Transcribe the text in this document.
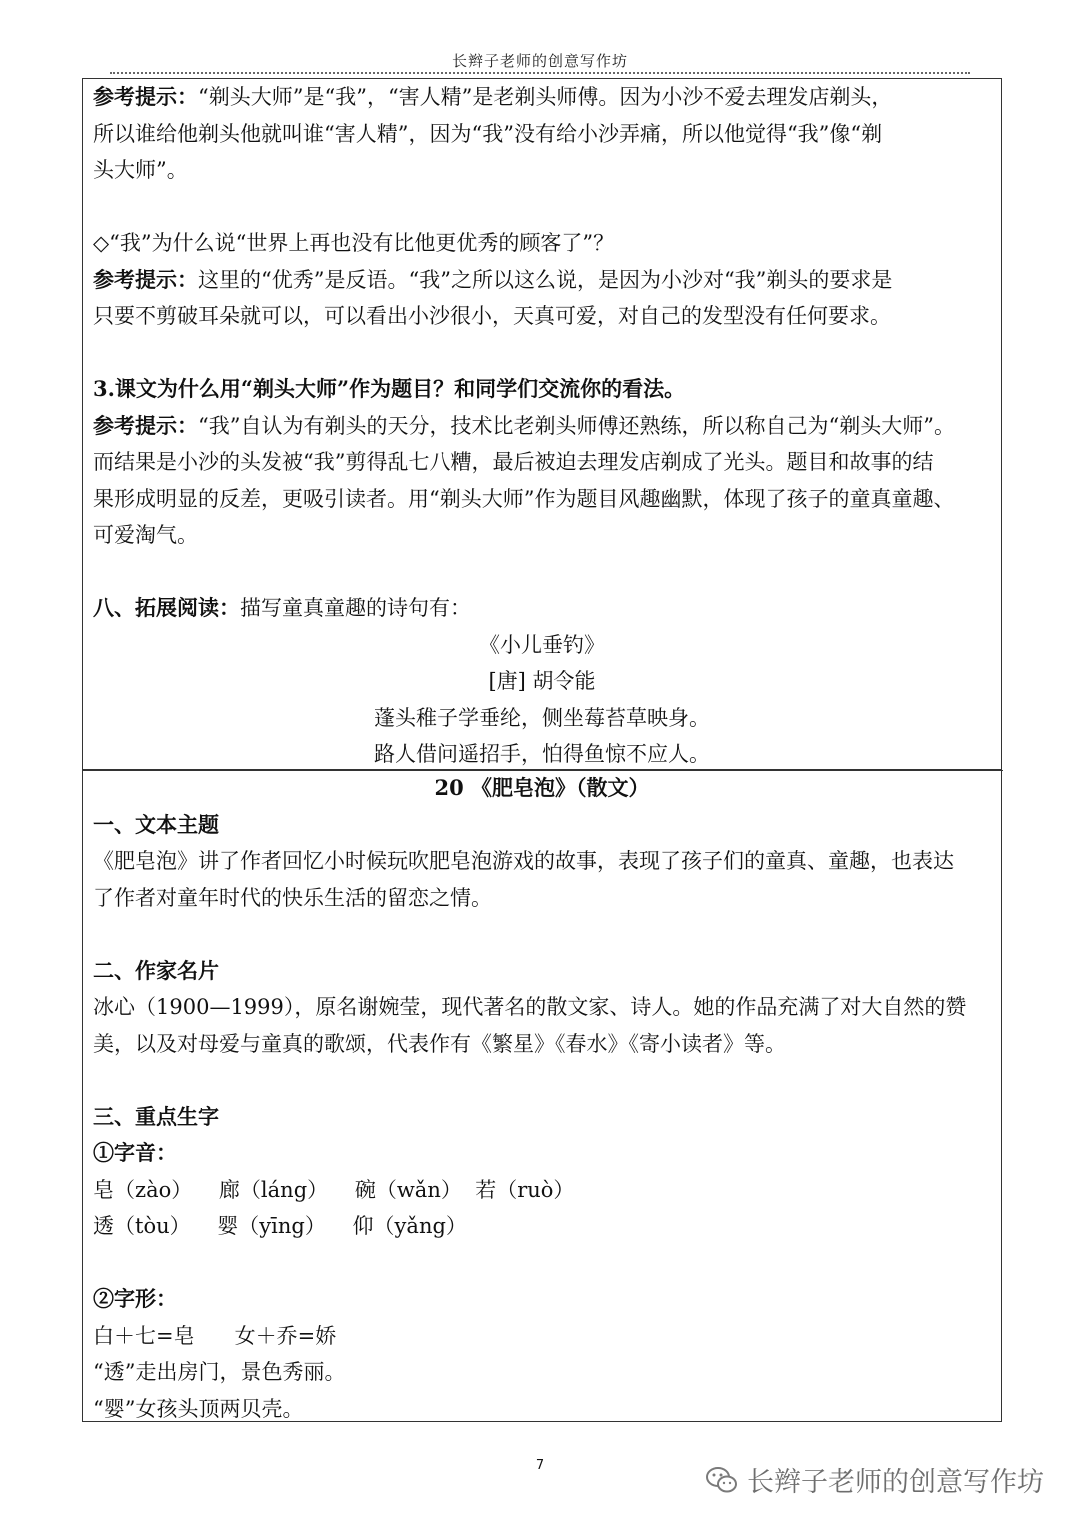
长辫子老师的创意写作坊

参考提示：“剃头大师”是“我”，“害人精”是老剃头师傅。因为小沙不爱去理发店剃头，
所以谁给他剃头他就叫谁“害人精”，因为“我”没有给小沙弄痛，所以他觉得“我”像“剃
头大师”。

◇“我”为什么说“世界上再也没有比他更优秀的顾客了”？

参考提示：这里的“优秀”是反语。“我”之所以这么说，是因为小沙对“我”剃头的要求是
只要不剪破耳朵就可以，可以看出小沙很小，天真可爱，对自己的发型没有任何要求。

3.课文为什么用“剃头大师”作为题目？和同学们交流你的看法。

参考提示：“我”自认为有剃头的天分，技术比老剃头师傅还熟练，所以称自己为“剃头大师”。
而结果是小沙的头发被“我”剪得乱七八糟，最后被迫去理发店剃成了光头。题目和故事的结
果形成明显的反差，更吸引读者。用“剃头大师”作为题目风趣幽默，体现了孩子的童真童趣、
可爱淘气。

八、拓展阅读：描写童真童趣的诗句有：

《小儿垂钓》

[唐] 胡令能

蓬头稚子学垂纶，侧坐莓苔草映身。

路人借问遥招手，怕得鱼惊不应人。

20 《肥皂泡》（散文）

一、文本主题

《肥皂泡》讲了作者回忆小时候玩吹肥皂泡游戏的故事，表现了孩子们的童真、童趣，也表达
了作者对童年时代的快乐生活的留恋之情。

二、作家名片

冰心（1900—1999），原名谢婉莹，现代著名的散文家、诗人。她的作品充满了对大自然的赞
美，以及对母爱与童真的歌颂，代表作有《繁星》《春水》《寄小读者》等。

三、重点生字

①字音：

皂（zào）    廊（láng）    碗（wǎn）  若（ruò）

透（tòu）    婴（yīng）    仰（yǎng）

②字形：

白＋七=皂      女＋乔=娇

“透”走出房门，景色秀丽。

“婴”女孩头顶两贝壳。

7
长辫子老师的创意写作坊
